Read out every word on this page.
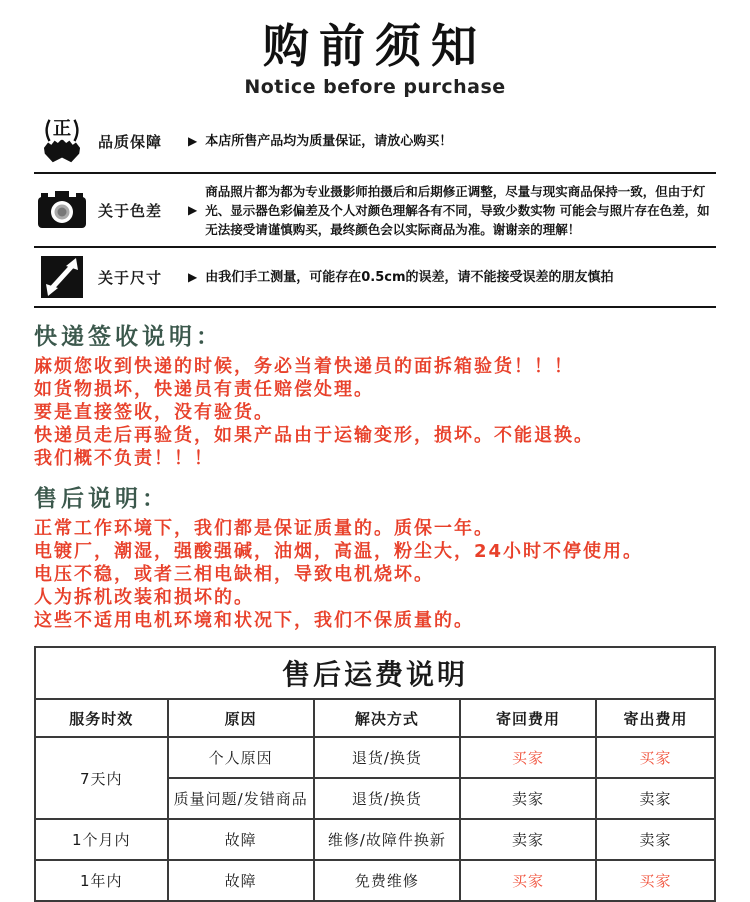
购前须知
Notice before purchase
正
品质保障	▶ 本店所售产品均为质量保证，请放心购买！
关于色差	▶
商品照片都为都为专业摄影师拍摄后和后期修正调整，尽量与现实商品保持一致，但由于灯光、显示器色彩偏差及个人对颜色理解各有不同，导致少数实物 可能会与照片存在色差，如无法接受请谨慎购买，最终颜色会以实际商品为准。谢谢亲的理解！
关于尺寸	▶ 由我们手工测量，可能存在0.5cm的误差，请不能接受误差的朋友慎拍
快递签收说明：
麻烦您收到快递的时候，务必当着快递员的面拆箱验货！！！
如货物损坏，快递员有责任赔偿处理。
要是直接签收，没有验货。
快递员走后再验货，如果产品由于运输变形，损坏。不能退换。
我们概不负责！！！
售后说明：
正常工作环境下，我们都是保证质量的。质保一年。
电镀厂，潮湿，强酸强碱，油烟，高温，粉尘大，24小时不停使用。
电压不稳，或者三相电缺相，导致电机烧坏。
人为拆机改装和损坏的。
这些不适用电机环境和状况下，我们不保质量的。
售后运费说明				
服务时效	原因	解决方式	寄回费用	寄出费用
7天内	个人原因	退货/换货	买家	买家
	质量问题/发错商品	退货/换货	卖家	卖家
1个月内	故障	维修/故障件换新	卖家	卖家
1年内	故障	免费维修	买家	买家
